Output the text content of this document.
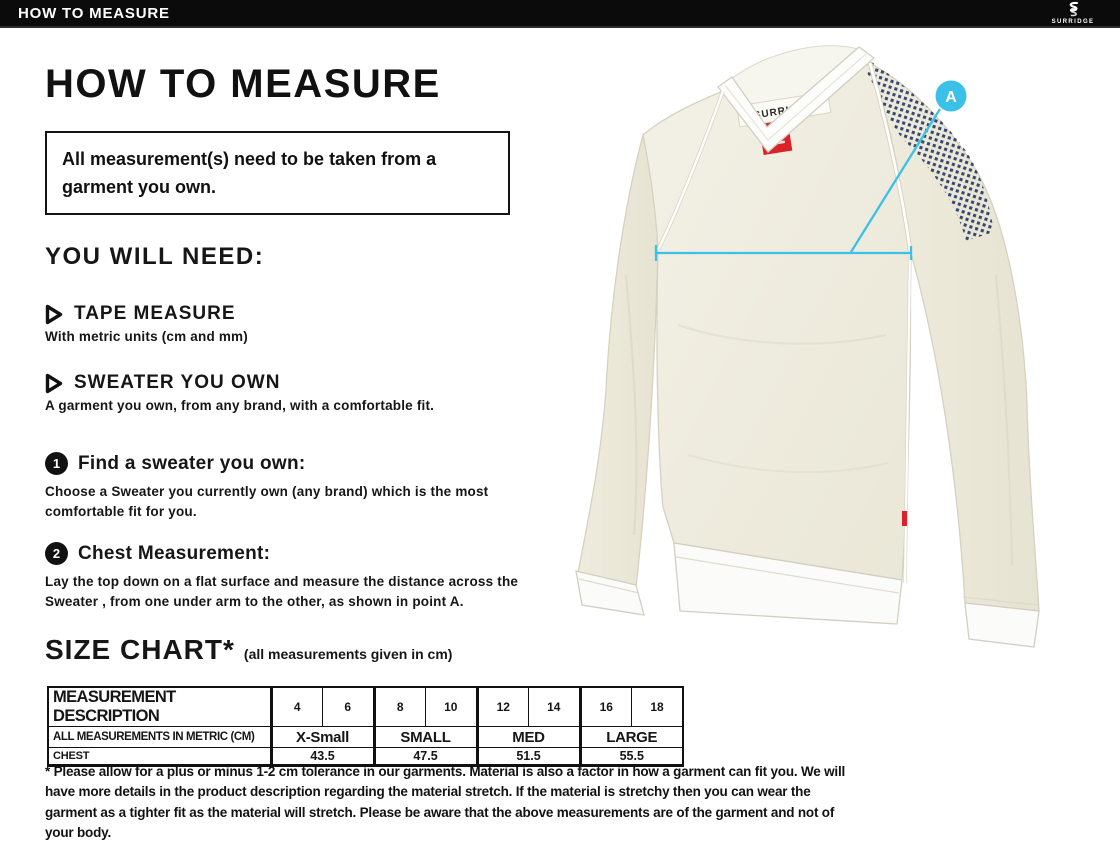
HOW TO MEASURE
SURRIDGE
HOW TO MEASURE
All measurement(s) need to be taken from a garment you own.
YOU WILL NEED:
TAPE MEASURE
With metric units (cm and mm)
SWEATER YOU OWN
A garment you own, from any brand, with a comfortable fit.
1 Find a sweater you own:
Choose a Sweater you currently own (any brand) which is the most comfortable fit for you.
2 Chest Measurement:
Lay the top down on a flat surface and measure the distance across the Sweater , from one under arm to the other, as shown in point A.
SIZE CHART* (all measurements given in cm)
MEASUREMENT DESCRIPTION	4	6	8	10	12	14	16	18
ALL MEASUREMENTS IN METRIC (CM)	X-Small		SMALL		MED		LARGE	
CHEST	43.5		47.5		51.5		55.5	
* Please allow for a plus or minus 1-2 cm tolerance in our garments. Material is also a factor in how a garment can fit you. We will have more details in the product description regarding the material stretch. If the material is stretchy then you can wear the garment as a tighter fit as the material will stretch. Please be aware that the above measurements are of the garment and not of your body.
A
